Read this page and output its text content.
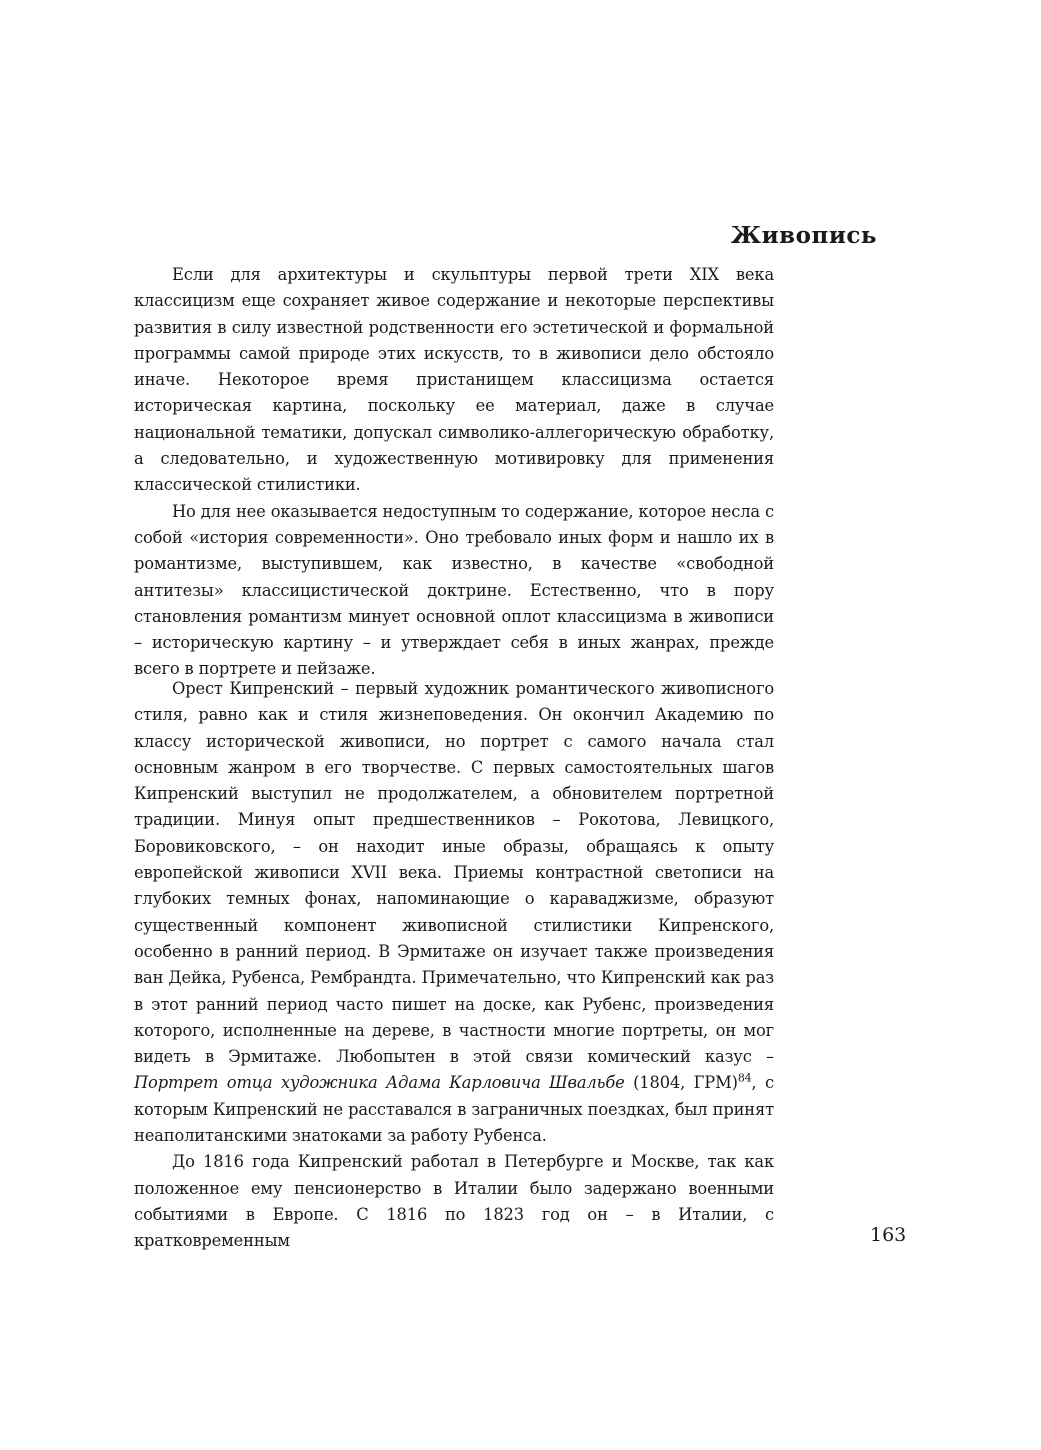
Живопись

Если для архитектуры и скульптуры первой трети XIX века классицизм еще сохраняет живое содержание и некоторые перспективы развития в силу известной родственности его эстетической и формальной программы самой природе этих искусств, то в живописи дело обстояло иначе. Некоторое время пристанищем классицизма остается историческая картина, поскольку ее материал, даже в случае национальной тематики, допускал символико-аллегорическую обработку, а следовательно, и художественную мотивировку для применения классической стилистики.

Но для нее оказывается недоступным то содержание, которое несла с собой «история современности». Оно требовало иных форм и нашло их в романтизме, выступившем, как известно, в качестве «свободной антитезы» классицистической доктрине. Естественно, что в пору становления романтизм минует основной оплот классицизма в живописи – историческую картину – и утверждает себя в иных жанрах, прежде всего в портрете и пейзаже.

Орест Кипренский – первый художник романтического живописного стиля, равно как и стиля жизнеповедения. Он окончил Академию по классу исторической живописи, но портрет с самого начала стал основным жанром в его творчестве. С первых самостоятельных шагов Кипренский выступил не продолжателем, а обновителем портретной традиции. Минуя опыт предшественников – Рокотова, Левицкого, Боровиковского, – он находит иные образы, обращаясь к опыту европейской живописи XVII века. Приемы контрастной светописи на глубоких темных фонах, напоминающие о караваджизме, образуют существенный компонент живописной стилистики Кипренского, особенно в ранний период. В Эрмитаже он изучает также произведения ван Дейка, Рубенса, Рембрандта. Примечательно, что Кипренский как раз в этот ранний период часто пишет на доске, как Рубенс, произведения которого, исполненные на дереве, в частности многие портреты, он мог видеть в Эрмитаже. Любопытен в этой связи комический казус – Портрет отца художника Адама Карловича Швальбе (1804, ГРМ)$^{84}$, с которым Кипренский не расставался в заграничных поездках, был принят неаполитанскими знатоками за работу Рубенса.

До 1816 года Кипренский работал в Петербурге и Москве, так как положенное ему пенсионерство в Италии было задержано военными событиями в Европе. С 1816 по 1823 год он – в Италии, с кратковременным	163
